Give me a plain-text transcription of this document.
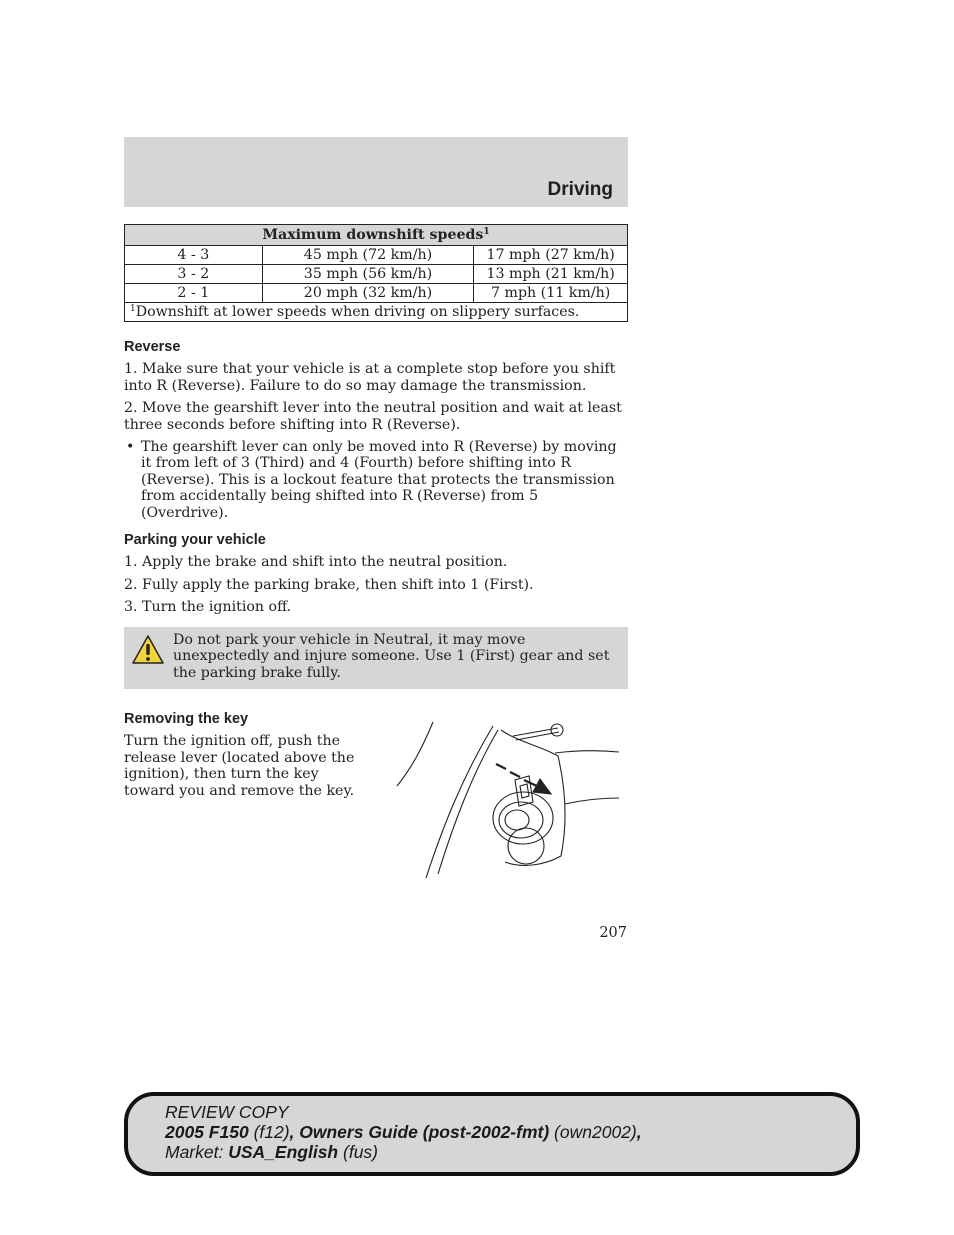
Driving
Maximum downshift speeds$^1$
4 - 3	45 mph (72 km/h)	17 mph (27 km/h)
3 - 2	35 mph (56 km/h)	13 mph (21 km/h)
2 - 1	20 mph (32 km/h)	7 mph (11 km/h)
$^1$Downshift at lower speeds when driving on slippery surfaces.		
Reverse

1. Make sure that your vehicle is at a complete stop before you shift into R (Reverse). Failure to do so may damage the transmission.

2. Move the gearshift lever into the neutral position and wait at least three seconds before shifting into R (Reverse).

• The gearshift lever can only be moved into R (Reverse) by moving it from left of 3 (Third) and 4 (Fourth) before shifting into R (Reverse). This is a lockout feature that protects the transmission from accidentally being shifted into R (Reverse) from 5 (Overdrive).
Parking your vehicle

1. Apply the brake and shift into the neutral position.

2. Fully apply the parking brake, then shift into 1 (First).

3. Turn the ignition off.

Do not park your vehicle in Neutral, it may move unexpectedly and injure someone. Use 1 (First) gear and set the parking brake fully.
Removing the key

Turn the ignition off, push the release lever (located above the ignition), then turn the key toward you and remove the key.

207
REVIEW COPY
2005 F150 (f12), Owners Guide (post-2002-fmt) (own2002),
Market: USA_English (fus)
